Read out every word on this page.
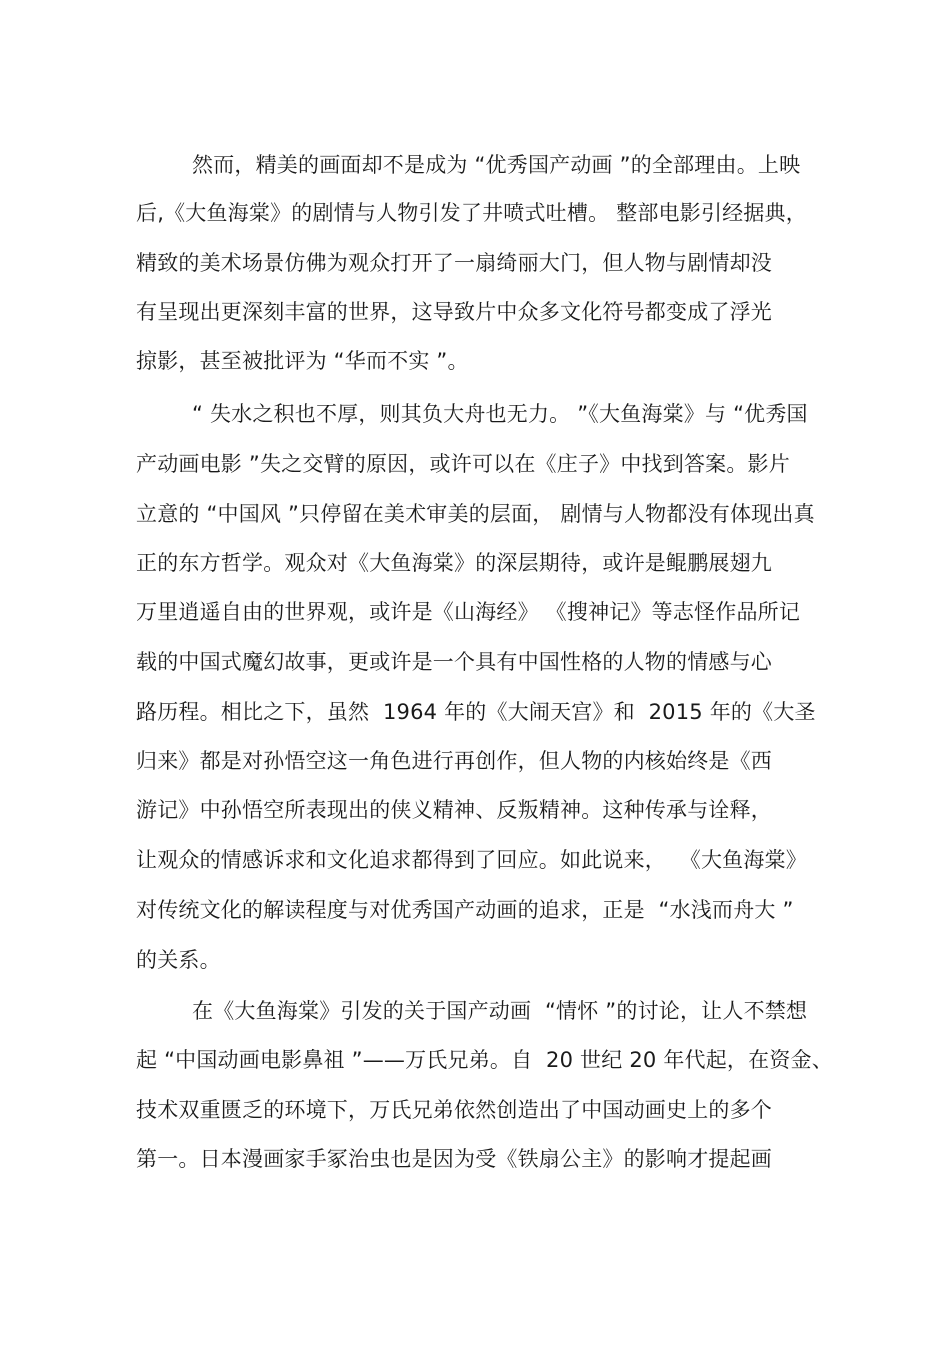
然而，精美的画面却不是成为 “优秀国产动画 ”的全部理由。上映
后,《大鱼海棠》的剧情与人物引发了井喷式吐槽。 整部电影引经据典，
精致的美术场景仿佛为观众打开了一扇绮丽大门，但人物与剧情却没
有呈现出更深刻丰富的世界，这导致片中众多文化符号都变成了浮光
掠影，甚至被批评为 “华而不实 ”。
“ 失水之积也不厚，则其负大舟也无力。 ”《大鱼海棠》与 “优秀国
产动画电影 ”失之交臂的原因，或许可以在《庄子》中找到答案。影片
立意的 “中国风 ”只停留在美术审美的层面， 剧情与人物都没有体现出真
正的东方哲学。观众对《大鱼海棠》的深层期待，或许是鲲鹏展翅九
万里逍遥自由的世界观，或许是《山海经》 《搜神记》等志怪作品所记
载的中国式魔幻故事，更或许是一个具有中国性格的人物的情感与心
路历程。相比之下，虽然  1964 年的《大闹天宫》和  2015 年的《大圣
归来》都是对孙悟空这一角色进行再创作，但人物的内核始终是《西
游记》中孙悟空所表现出的侠义精神、反叛精神。这种传承与诠释，
让观众的情感诉求和文化追求都得到了回应。如此说来，  《大鱼海棠》
对传统文化的解读程度与对优秀国产动画的追求，正是  “水浅而舟大 ”
的关系。
在《大鱼海棠》引发的关于国产动画  “情怀 ”的讨论，让人不禁想
起 “中国动画电影鼻祖 ”——万氏兄弟。自  20 世纪 20 年代起，在资金、
技术双重匮乏的环境下，万氏兄弟依然创造出了中国动画史上的多个
第一。日本漫画家手冢治虫也是因为受《铁扇公主》的影响才提起画
